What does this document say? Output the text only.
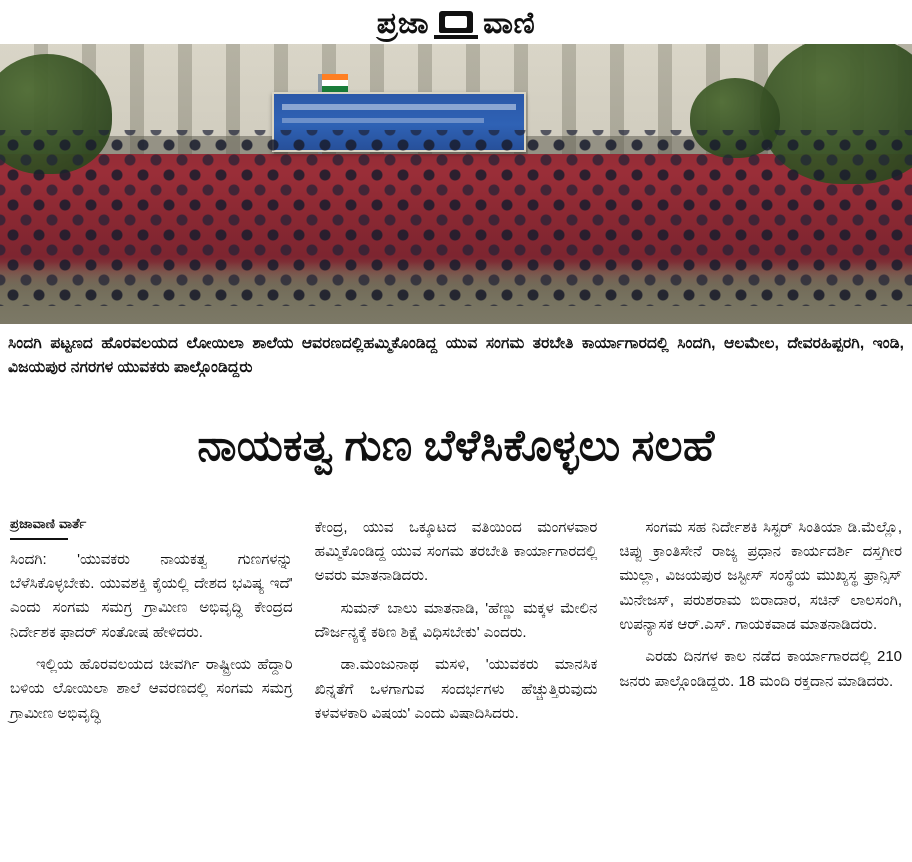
ಪ್ರಜಾ ವಾಣಿ
ಸಿಂದಗಿ ಪಟ್ಟಣದ ಹೊರವಲಯದ ಲೋಯಿಲಾ ಶಾಲೆಯ ಆವರಣದಲ್ಲಿಹಮ್ಮಿಕೊಂಡಿದ್ದ ಯುವ ಸಂಗಮ ತರಬೇತಿ ಕಾರ್ಯಾಗಾರದಲ್ಲಿ ಸಿಂದಗಿ, ಆಲಮೇಲ, ದೇವರಹಿಪ್ಪರಗಿ, ಇಂಡಿ, ವಿಜಯಪುರ ನಗರಗಳ ಯುವಕರು ಪಾಲ್ಗೊಂಡಿದ್ದರು
ನಾಯಕತ್ವ ಗುಣ ಬೆಳೆಸಿಕೊಳ್ಳಲು ಸಲಹೆ
ಪ್ರಜಾವಾಣಿ ವಾರ್ತೆ

ಸಿಂದಗಿ: 'ಯುವಕರು ನಾಯಕತ್ವ ಗುಣಗಳನ್ನು ಬೆಳೆಸಿಕೊಳ್ಳಬೇಕು. ಯುವಶಕ್ತಿ ಕೈಯಲ್ಲಿ ದೇಶದ ಭವಿಷ್ಯ ಇದೆ' ಎಂದು ಸಂಗಮ ಸಮಗ್ರ ಗ್ರಾಮೀಣ ಅಭಿವೃದ್ಧಿ ಕೇಂದ್ರದ ನಿರ್ದೇಶಕ ಫಾದರ್ ಸಂತೋಷ ಹೇಳಿದರು.

ಇಲ್ಲಿಯ ಹೊರವಲಯದ ಚೀವರ್ಗಿ ರಾಷ್ಟ್ರೀಯ ಹೆದ್ದಾರಿ ಬಳಿಯ ಲೋಯಿಲಾ ಶಾಲೆ ಆವರಣದಲ್ಲಿ ಸಂಗಮ ಸಮಗ್ರ ಗ್ರಾಮೀಣ ಅಭಿವೃದ್ಧಿ

ಕೇಂದ್ರ, ಯುವ ಒಕ್ಕೂಟದ ವತಿಯಿಂದ ಮಂಗಳವಾರ ಹಮ್ಮಿಕೊಂಡಿದ್ದ ಯುವ ಸಂಗಮ ತರಬೇತಿ ಕಾರ್ಯಾಗಾರದಲ್ಲಿ ಅವರು ಮಾತನಾಡಿದರು.

ಸುಮನ್ ಬಾಲು ಮಾತನಾಡಿ, 'ಹೆಣ್ಣು ಮಕ್ಕಳ ಮೇಲಿನ ದೌರ್ಜನ್ಯಕ್ಕೆ ಕಠಿಣ ಶಿಕ್ಷೆ ವಿಧಿಸಬೇಕು' ಎಂದರು.

ಡಾ.ಮಂಜುನಾಥ ಮಸಳಿ, 'ಯುವಕರು ಮಾನಸಿಕ ಖಿನ್ನತೆಗೆ ಒಳಗಾಗುವ ಸಂದರ್ಭಗಳು ಹೆಚ್ಚುತ್ತಿರುವುದು ಕಳವಳಕಾರಿ ವಿಷಯ' ಎಂದು ವಿಷಾದಿಸಿದರು.

ಸಂಗಮ ಸಹ ನಿರ್ದೇಶಕಿ ಸಿಸ್ಟರ್ ಸಿಂತಿಯಾ ಡಿ.ಮೆಲ್ಲೊ, ಚಿಪ್ಪು ಕ್ರಾಂತಿಸೇನೆ ರಾಜ್ಯ ಪ್ರಧಾನ ಕಾರ್ಯದರ್ಶಿ ದಸ್ತಗೀರ ಮುಲ್ಲಾ, ವಿಜಯಪುರ ಜಸ್ಟೀಸ್ ಸಂಸ್ಥೆಯ ಮುಖ್ಯಸ್ಥ ಫ್ರಾನ್ಸಿಸ್ ಮಿನೇಜಸ್, ಪರುಶರಾಮ ಬಿರಾದಾರ, ಸಚಿನ್ ಲಾಲಸಂಗಿ, ಉಪನ್ಯಾಸಕ ಆರ್.ಎಸ್. ಗಾಯಕವಾಡ ಮಾತನಾಡಿದರು.

ಎರಡು ದಿನಗಳ ಕಾಲ ನಡೆದ ಕಾರ್ಯಾಗಾರದಲ್ಲಿ 210 ಜನರು ಪಾಲ್ಗೊಂಡಿದ್ದರು. 18 ಮಂದಿ ರಕ್ತದಾನ ಮಾಡಿದರು.
